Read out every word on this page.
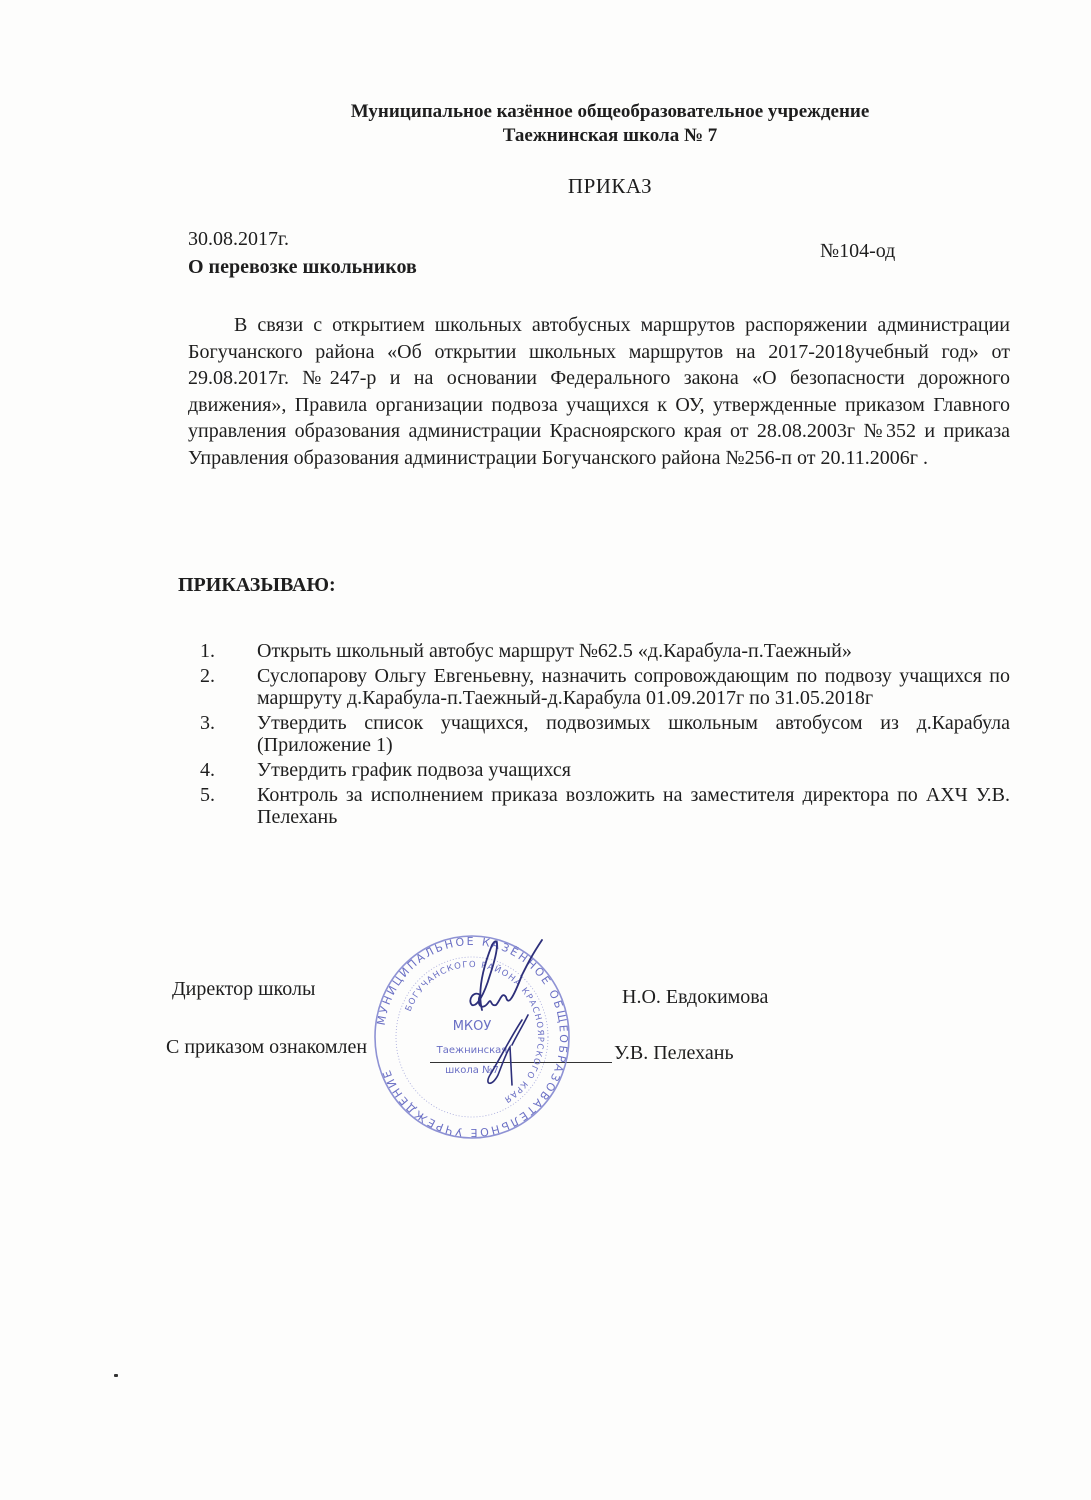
Муниципальное казённое общеобразовательное учреждение
Таежнинская школа № 7
ПРИКАЗ
30.08.2017г.
№104-од
О перевозке школьников

В связи с открытием школьных автобусных маршрутов распоряжении администрации Богучанского района «Об открытии школьных маршрутов на 2017-2018учебный год» от 29.08.2017г. №247-р и на основании Федерального закона «О безопасности дорожного движения», Правила организации подвоза учащихся к ОУ, утвержденные приказом Главного управления образования администрации Красноярского края от 28.08.2003г №352 и приказа Управления образования администрации Богучанского района №256-п от 20.11.2006г .

ПРИКАЗЫВАЮ:
1. Открыть школьный автобус маршрут №62.5 «д.Карабула-п.Таежный»
2. Суслопарову Ольгу Евгеньевну, назначить сопровождающим по подвозу учащихся по маршруту д.Карабула-п.Таежный-д.Карабула 01.09.2017г по 31.05.2018г
3. Утвердить список учащихся, подвозимых школьным автобусом из д.Карабула (Приложение 1)
4. Утвердить график подвоза учащихся
5. Контроль за исполнением приказа возложить на заместителя директора по АХЧ У.В. Пелехань
Директор школы	Н.О. Евдокимова
С приказом ознакомлен	У.В. Пелехань
МУНИЦИПАЛЬНОЕ КАЗЁННОЕ ОБЩЕОБРАЗОВАТЕЛЬНОЕ УЧРЕЖДЕНИЕ
БОГУЧАНСКОГО РАЙОНА КРАСНОЯРСКОГО КРАЯ
МКОУ
Таежнинская
школа №7
